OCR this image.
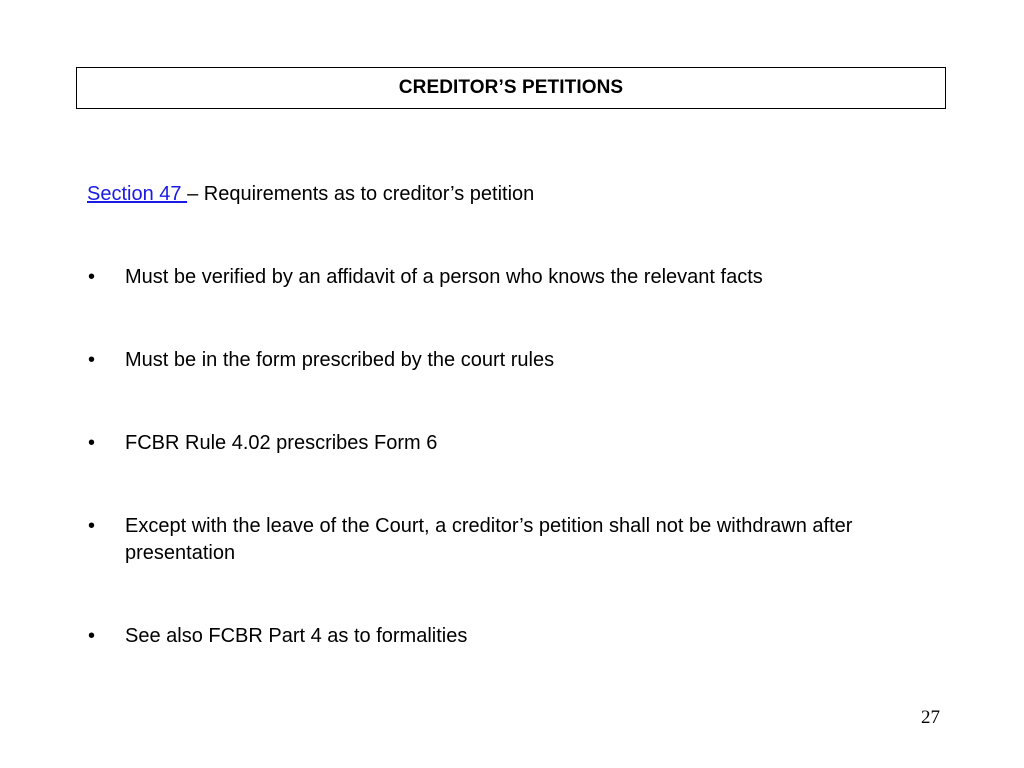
CREDITOR’S PETITIONS
Section 47 – Requirements as to creditor’s petition
•	Must be verified by an affidavit of a person who knows the relevant facts
•	Must be in the form prescribed by the court rules
•	FCBR Rule 4.02 prescribes Form 6
•	Except with the leave of the Court, a creditor’s petition shall not be withdrawn after presentation
•	See also FCBR Part 4 as to formalities
27
